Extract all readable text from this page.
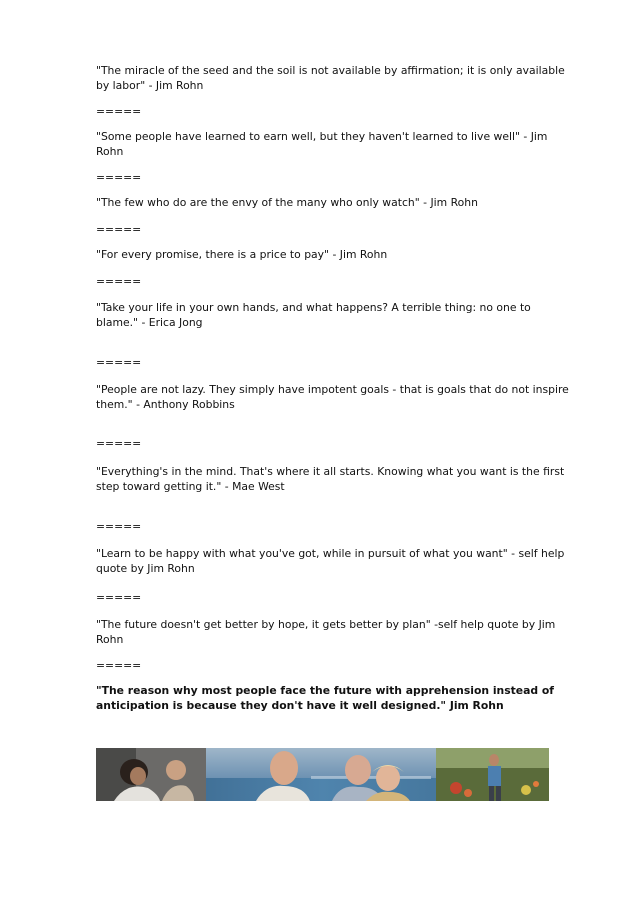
"The miracle of the seed and the soil is not available by affirmation; it is only available by labor" - Jim Rohn

=====

"Some people have learned to earn well, but they haven't learned to live well" - Jim Rohn

=====

"The few who do are the envy of the many who only watch" - Jim Rohn

=====

"For every promise, there is a price to pay" - Jim Rohn

=====

"Take your life in your own hands, and what happens? A terrible thing: no one to blame." - Erica Jong

=====

"People are not lazy. They simply have impotent goals - that is goals that do not inspire them." - Anthony Robbins

=====

"Everything's in the mind. That's where it all starts. Knowing what you want is the first step toward getting it." - Mae West

=====

"Learn to be happy with what you've got, while in pursuit of what you want" - self help quote by Jim Rohn

=====

"The future doesn't get better by hope, it gets better by plan" -self help quote by Jim Rohn

=====

"The reason why most people face the future with apprehension instead of anticipation is because they don't have it well designed." Jim Rohn
